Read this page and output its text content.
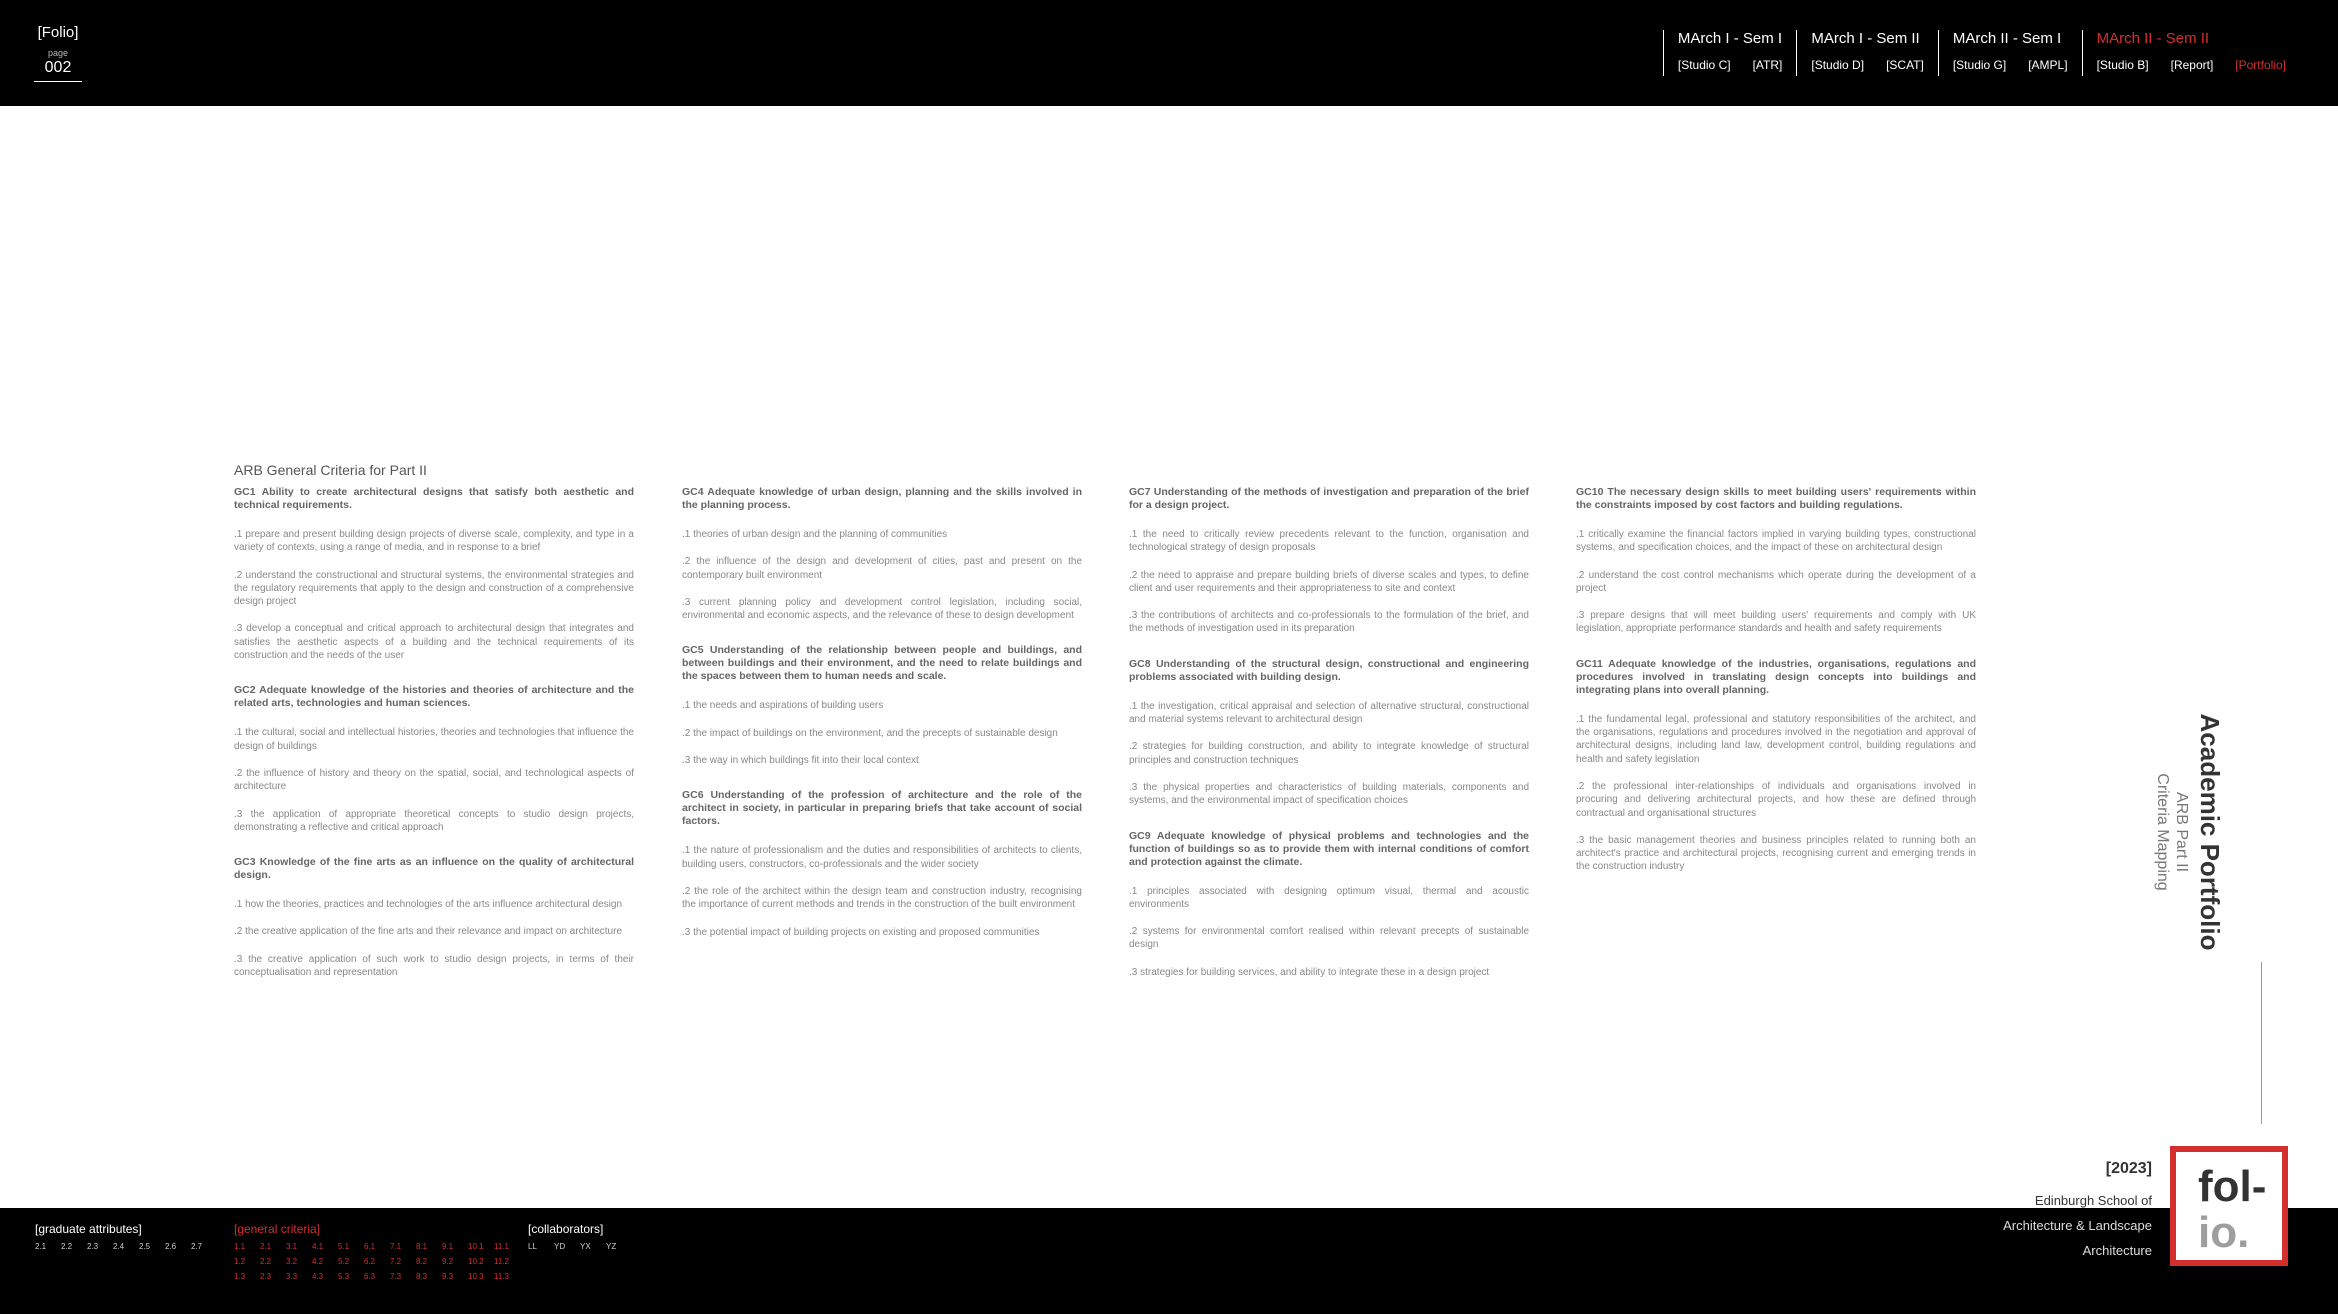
[Folio]
page
002
MArch I - Sem I
[Studio C] [ATR]
MArch I - Sem II
[Studio D] [SCAT]
MArch II - Sem I
[Studio G] [AMPL]
MArch II - Sem II
[Studio B] [Report] [Portfolio]
ARB General Criteria for Part II
GC1 Ability to create architectural designs that satisfy both aesthetic and technical requirements.
.1 prepare and present building design projects of diverse scale, complexity, and type in a variety of contexts, using a range of media, and in response to a brief
.2 understand the constructional and structural systems, the environmental strategies and the regulatory requirements that apply to the design and construction of a comprehensive design project
.3 develop a conceptual and critical approach to architectural design that integrates and satisfies the aesthetic aspects of a building and the technical requirements of its construction and the needs of the user
GC2 Adequate knowledge of the histories and theories of architecture and the related arts, technologies and human sciences.
.1 the cultural, social and intellectual histories, theories and technologies that influence the design of buildings
.2 the influence of history and theory on the spatial, social, and technological aspects of architecture
.3 the application of appropriate theoretical concepts to studio design projects, demonstrating a reflective and critical approach
GC3 Knowledge of the fine arts as an influence on the quality of architectural design.
.1 how the theories, practices and technologies of the arts influence architectural design
.2 the creative application of the fine arts and their relevance and impact on architecture
.3 the creative application of such work to studio design projects, in terms of their conceptualisation and representation
GC4 Adequate knowledge of urban design, planning and the skills involved in the planning process.
.1 theories of urban design and the planning of communities
.2 the influence of the design and development of cities, past and present on the contemporary built environment
.3 current planning policy and development control legislation, including social, environmental and economic aspects, and the relevance of these to design development
GC5 Understanding of the relationship between people and buildings, and between buildings and their environment, and the need to relate buildings and the spaces between them to human needs and scale.
.1 the needs and aspirations of building users
.2 the impact of buildings on the environment, and the precepts of sustainable design
.3 the way in which buildings fit into their local context
GC6 Understanding of the profession of architecture and the role of the architect in society, in particular in preparing briefs that take account of social factors.
.1 the nature of professionalism and the duties and responsibilities of architects to clients, building users, constructors, co-professionals and the wider society
.2 the role of the architect within the design team and construction industry, recognising the importance of current methods and trends in the construction of the built environment
.3 the potential impact of building projects on existing and proposed communities
GC7 Understanding of the methods of investigation and preparation of the brief for a design project.
.1 the need to critically review precedents relevant to the function, organisation and technological strategy of design proposals
.2 the need to appraise and prepare building briefs of diverse scales and types, to define client and user requirements and their appropriateness to site and context
.3 the contributions of architects and co-professionals to the formulation of the brief, and the methods of investigation used in its preparation
GC8 Understanding of the structural design, constructional and engineering problems associated with building design.
.1 the investigation, critical appraisal and selection of alternative structural, constructional and material systems relevant to architectural design
.2 strategies for building construction, and ability to integrate knowledge of structural principles and construction techniques
.3 the physical properties and characteristics of building materials, components and systems, and the environmental impact of specification choices
GC9 Adequate knowledge of physical problems and technologies and the function of buildings so as to provide them with internal conditions of comfort and protection against the climate.
.1 principles associated with designing optimum visual, thermal and acoustic environments
.2 systems for environmental comfort realised within relevant precepts of sustainable design
.3 strategies for building services, and ability to integrate these in a design project
GC10 The necessary design skills to meet building users' requirements within the constraints imposed by cost factors and building regulations.
.1 critically examine the financial factors implied in varying building types, constructional systems, and specification choices, and the impact of these on architectural design
.2 understand the cost control mechanisms which operate during the development of a project
.3 prepare designs that will meet building users' requirements and comply with UK legislation, appropriate performance standards and health and safety requirements
GC11 Adequate knowledge of the industries, organisations, regulations and procedures involved in translating design concepts into buildings and integrating plans into overall planning.
.1 the fundamental legal, professional and statutory responsibilities of the architect, and the organisations, regulations and procedures involved in the negotiation and approval of architectural designs, including land law, development control, building regulations and health and safety legislation
.2 the professional inter-relationships of individuals and organisations involved in procuring and delivering architectural projects, and how these are defined through contractual and organisational structures
.3 the basic management theories and business principles related to running both an architect's practice and architectural projects, recognising current and emerging trends in the construction industry	Academic Portfolio
ARB Part II
Criteria Mapping
[2023]
[graduate attributes]
2.1	2.2	2.3	2.4	2.5	2.6	2.7
[general criteria]
1.1	2.1	3.1	4.1	5.1	6.1	7.1	8.1	9.1	10.1	11.1
1.2	2.2	3.2	4.2	5.2	6.2	7.2	8.2	9.2	10.2	11.2
1.3	2.3	3.3	4.3	5.3	6.3	7.3	8.3	9.3	10.3	11.3
[collaborators]
LL	YD	YX	YZ
Edinburgh School of
Architecture & Landscape
Architecture
fol-
io.
